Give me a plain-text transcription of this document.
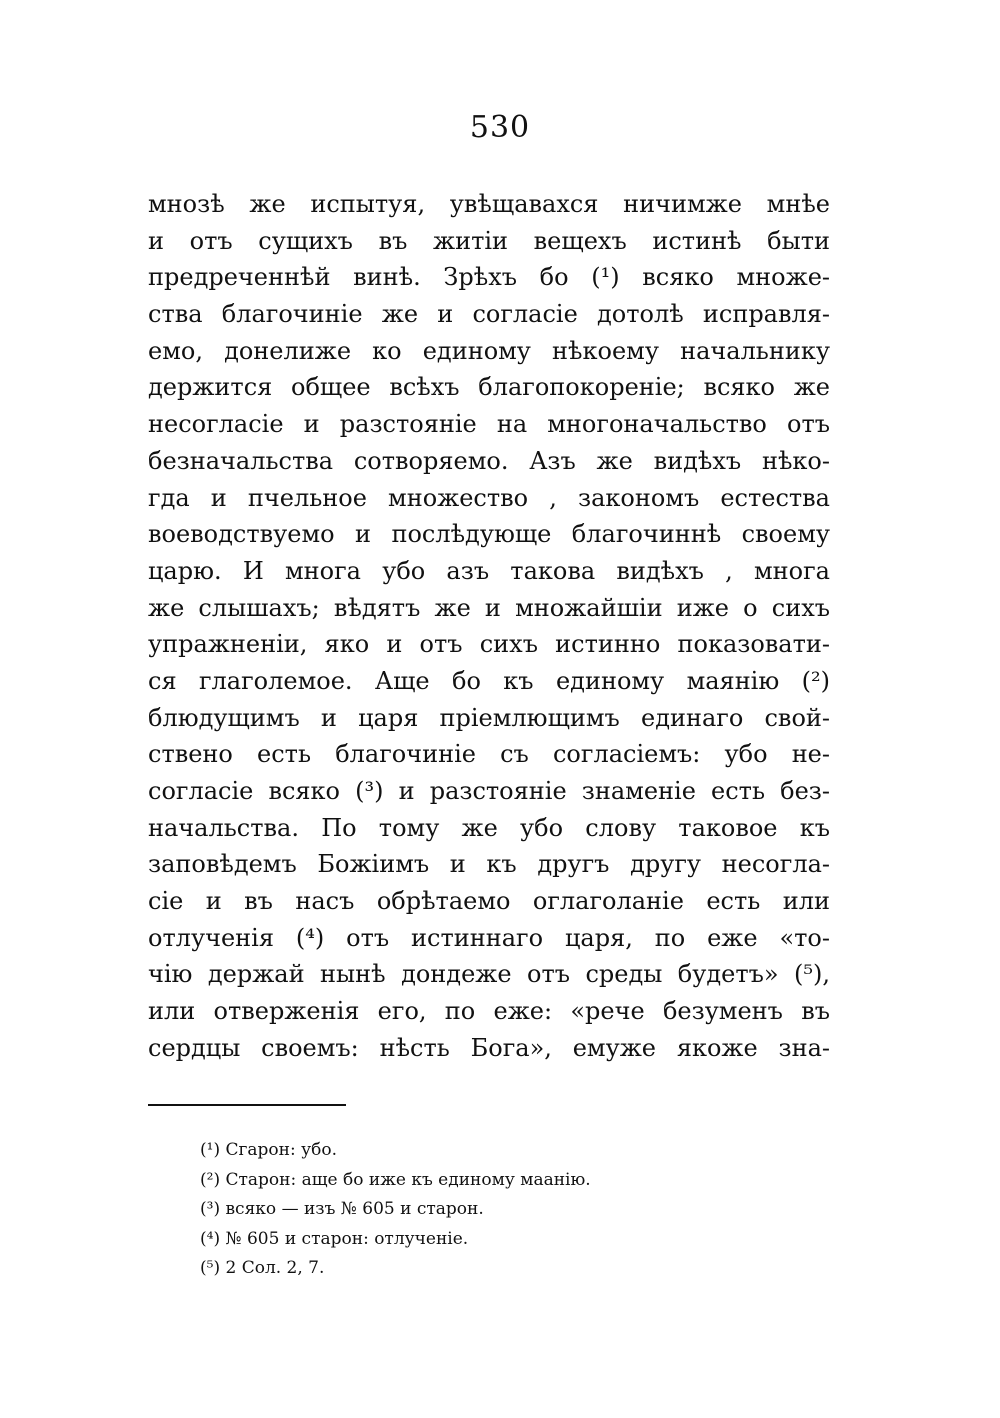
530
мнозѣ же испытуя, увѣщавахся ничимже мнѣе
и отъ сущихъ въ житіи вещехъ истинѣ быти
предреченнѣй винѣ. Зрѣхъ бо (¹) всяко множе-
ства благочиніе же и согласіе дотолѣ исправля-
емо, донелиже ко единому нѣкоему начальнику
держится общее всѣхъ благопокореніе; всяко же
несогласіе и разстояніе на многоначальство отъ
безначальства сотворяемо. Азъ же видѣхъ нѣко-
гда и пчельное множество , закономъ естества
воеводствуемо и послѣдующе благочиннѣ своему
царю. И многа убо азъ такова видѣхъ , многа
же слышахъ; вѣдятъ же и множайшіи иже о сихъ
упражненіи, яко и отъ сихъ истинно показовати-
ся глаголемое. Аще бо къ единому маянію (²)
блюдущимъ и царя пріемлющимъ единаго свой-
ствено есть благочиніе съ согласіемъ: убо не-
согласіе всяко (³) и разстояніе знаменіе есть без-
начальства. По тому же убо слову таковое къ
заповѣдемъ Божіимъ и къ другъ другу несогла-
сіе и въ насъ обрѣтаемо оглаголаніе есть или
отлученія (⁴) отъ истиннаго царя, по еже «то-
чію держай нынѣ дондеже отъ среды будетъ» (⁵),
или отверженія его, по еже: «рече безуменъ въ
сердцы своемъ: нѣсть Бога», емуже якоже зна-
(¹) Сгарон: убо.
(²) Старон: аще бо иже къ единому маанію.
(³) всяко — изъ № 605 и старон.
(⁴) № 605 и старон: отлученіе.
(⁵) 2 Сол. 2, 7.
